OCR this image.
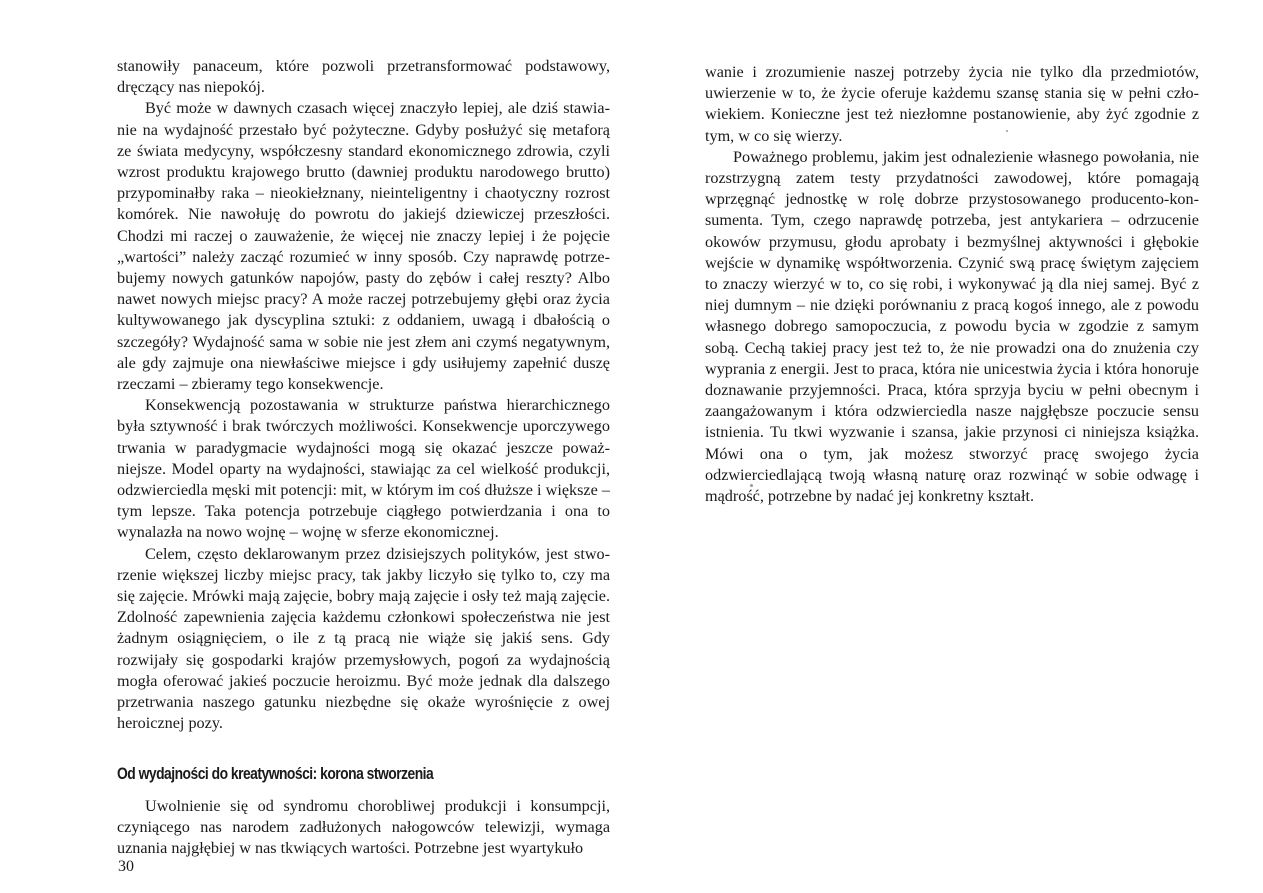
stanowiły panaceum, które pozwoli przetransformować podstawowy, dręczący nas niepokój.

Być może w dawnych czasach więcej znaczyło lepiej, ale dziś stawianie na wydajność przestało być pożyteczne. Gdyby posłużyć się metaforą ze świata medycyny, współczesny standard ekonomicznego zdrowia, czyli wzrost produktu krajowego brutto (dawniej produktu narodowego brutto) przypominałby raka – nieokiełznany, nieinteligentny i chaotyczny rozrost komórek. Nie nawołuję do powrotu do jakiejś dziewiczej przeszłości. Chodzi mi raczej o zauważenie, że więcej nie znaczy lepiej i że pojęcie „wartości” należy zacząć rozumieć w inny sposób. Czy naprawdę potrzebujemy nowych gatunków napojów, pasty do zębów i całej reszty? Albo nawet nowych miejsc pracy? A może raczej potrzebujemy głębi oraz życia kultywowanego jak dyscyplina sztuki: z oddaniem, uwagą i dbałością o szczegóły? Wydajność sama w sobie nie jest złem ani czymś negatywnym, ale gdy zajmuje ona niewłaściwe miejsce i gdy usiłujemy zapełnić duszę rzeczami – zbieramy tego konsekwencje.

Konsekwencją pozostawania w strukturze państwa hierarchicznego była sztywność i brak twórczych możliwości. Konsekwencje uporczywego trwania w paradygmacie wydajności mogą się okazać jeszcze poważniejsze. Model oparty na wydajności, stawiając za cel wielkość produkcji, odzwierciedla męski mit potencji: mit, w którym im coś dłuższe i większe – tym lepsze. Taka potencja potrzebuje ciągłego potwierdzania i ona to wynalazła na nowo wojnę – wojnę w sferze ekonomicznej.

Celem, często deklarowanym przez dzisiejszych polityków, jest stworzenie większej liczby miejsc pracy, tak jakby liczyło się tylko to, czy ma się zajęcie. Mrówki mają zajęcie, bobry mają zajęcie i osły też mają zajęcie. Zdolność zapewnienia zajęcia każdemu członkowi społeczeństwa nie jest żadnym osiągnięciem, o ile z tą pracą nie wiąże się jakiś sens. Gdy rozwijały się gospodarki krajów przemysłowych, pogoń za wydajnością mogła oferować jakieś poczucie heroizmu. Być może jednak dla dalszego przetrwania naszego gatunku niezbędne się okaże wyrośnięcie z owej heroicznej pozy.

Od wydajności do kreatywności: korona stworzenia

Uwolnienie się od syndromu chorobliwej produkcji i konsumpcji, czyniącego nas narodem zadłużonych nałogowców telewizji, wymaga uznania najgłębiej w nas tkwiących wartości. Potrzebne jest wyartykuło

30

wanie i zrozumienie naszej potrzeby życia nie tylko dla przedmiotów, uwierzenie w to, że życie oferuje każdemu szansę stania się w pełni człowiekiem. Konieczne jest też niezłomne postanowienie, aby żyć zgodnie z tym, w co się wierzy.

Poważnego problemu, jakim jest odnalezienie własnego powołania, nie rozstrzygną zatem testy przydatności zawodowej, które pomagają wprzęgnąć jednostkę w rolę dobrze przystosowanego producento-konsumenta. Tym, czego naprawdę potrzeba, jest antykariera – odrzucenie okowów przymusu, głodu aprobaty i bezmyślnej aktywności i głębokie wejście w dynamikę współtworzenia. Czynić swą pracę świętym zajęciem to znaczy wierzyć w to, co się robi, i wykonywać ją dla niej samej. Być z niej dumnym – nie dzięki porównaniu z pracą kogoś innego, ale z powodu własnego dobrego samopoczucia, z powodu bycia w zgodzie z samym sobą. Cechą takiej pracy jest też to, że nie prowadzi ona do znużenia czy wyprania z energii. Jest to praca, która nie unicestwia życia i która honoruje doznawanie przyjemności. Praca, która sprzyja byciu w pełni obecnym i zaangażowanym i która odzwierciedla nasze najgłębsze poczucie sensu istnienia. Tu tkwi wyzwanie i szansa, jakie przynosi ci niniejsza książka. Mówi ona o tym, jak możesz stworzyć pracę swojego życia odzwierciedlającą twoją własną naturę oraz rozwinąć w sobie odwagę i mądrość, potrzebne by nadać jej konkretny kształt.
